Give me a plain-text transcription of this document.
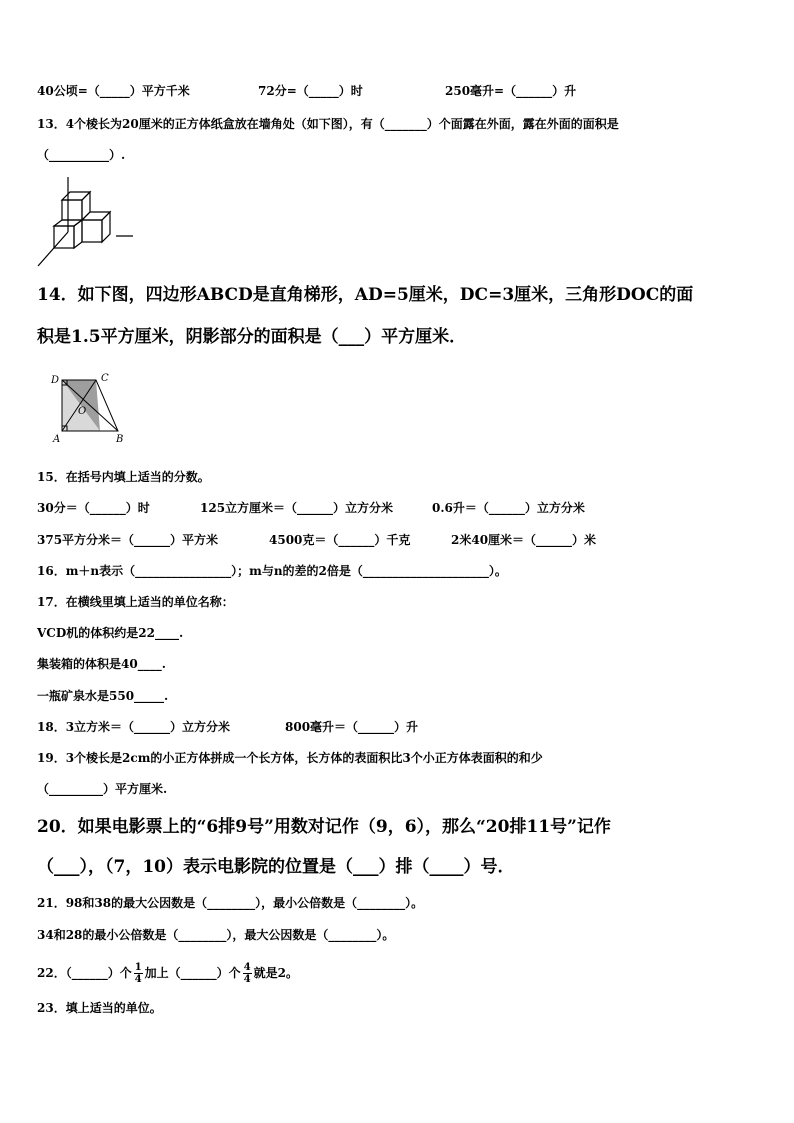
40公顷=（_____）平方千米	72分=（_____）时	250毫升=（______）升
13．4个棱长为20厘米的正方体纸盒放在墙角处（如下图），有（_______）个面露在外面，露在外面的面积是
（__________）.
14．如下图，四边形ABCD是直角梯形，AD=5厘米，DC=3厘米，三角形DOC的面
积是1.5平方厘米，阴影部分的面积是（___）平方厘米．
D	C
O
A	B
15．在括号内填上适当的分数。
30分＝（______）时	125立方厘米＝（______）立方分米	0.6升＝（______）立方分米
375平方分米＝（______）平方米	4500克＝（______）千克	2米40厘米＝（______）米
16．m＋n表示（________________）；m与n的差的2倍是（_____________________）。
17．在横线里填上适当的单位名称：
VCD机的体积约是22____.
集装箱的体积是40____.
一瓶矿泉水是550_____.
18．3立方米＝（______）立方分米	800毫升＝（______）升
19．3个棱长是2cm的小正方体拼成一个长方体，长方体的表面积比3个小正方体表面积的和少
（_________）平方厘米.
20．如果电影票上的“6排9号”用数对记作（9，6），那么“20排11号”记作
（___），（7，10）表示电影院的位置是（___）排（____）号．
21．98和38的最大公因数是（________），最小公倍数是（________）。
34和28的最小公倍数是（________），最大公因数是（________）。
22．（______）个 $\frac{1}{4}$ 加上（______）个 $\frac{4}{4}$ 就是2。
23．填上适当的单位。
